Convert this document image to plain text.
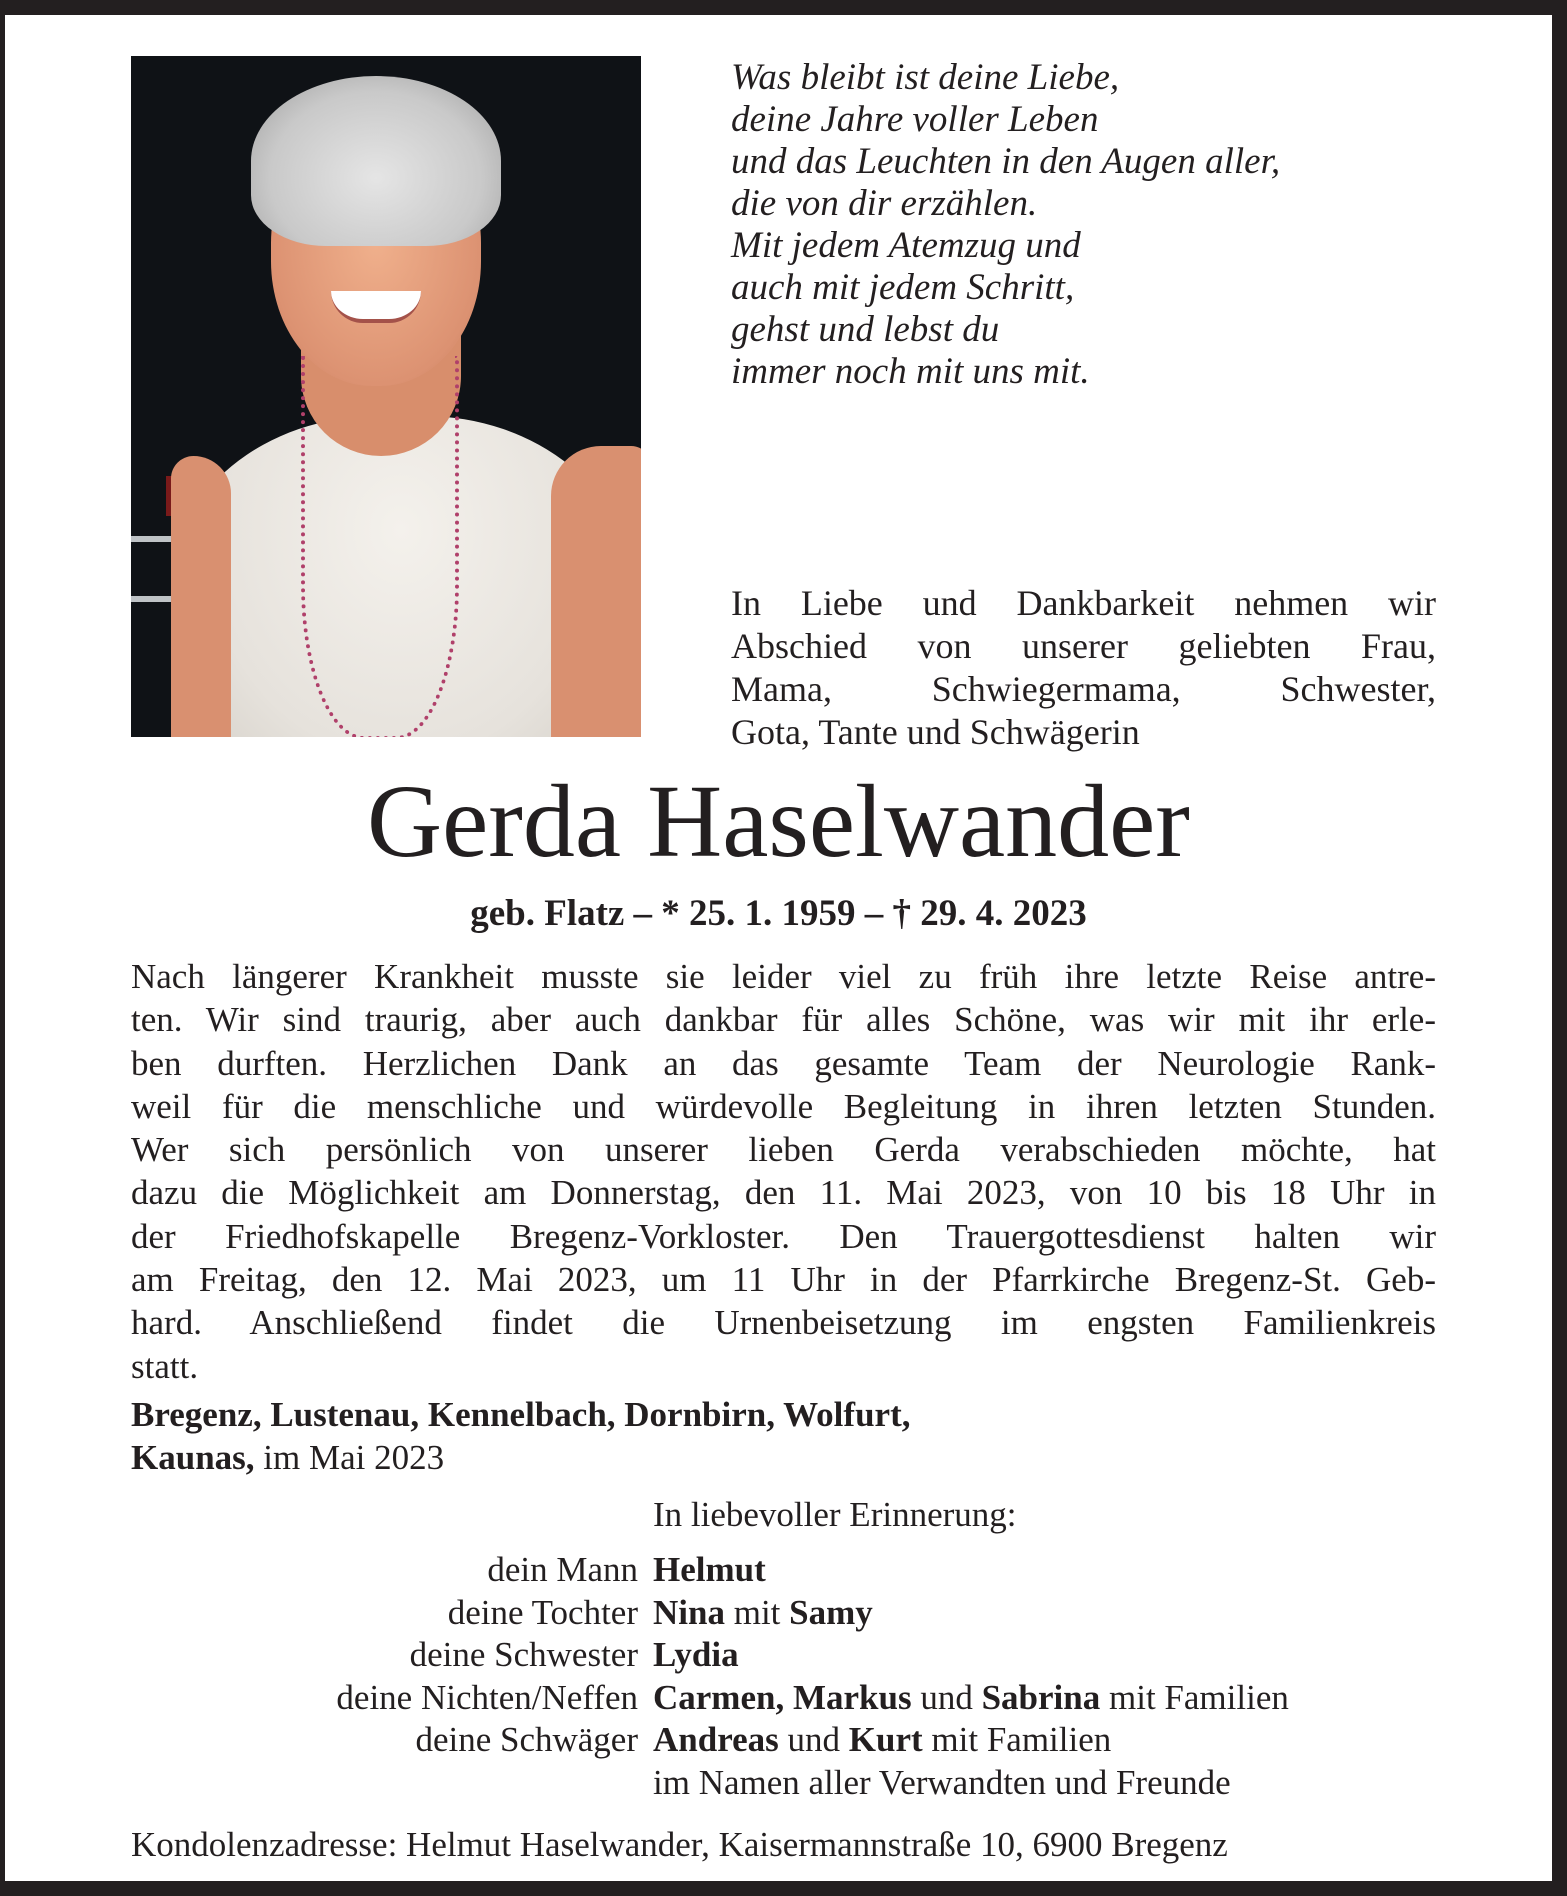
Was bleibt ist deine Liebe,
deine Jahre voller Leben
und das Leuchten in den Augen aller,
die von dir erzählen.
Mit jedem Atemzug und
auch mit jedem Schritt,
gehst und lebst du
immer noch mit uns mit.
In Liebe und Dankbarkeit nehmen wir
Abschied von unserer geliebten Frau,
Mama, Schwiegermama, Schwester,
Gota, Tante und Schwägerin
Gerda Haselwander
geb. Flatz – * 25. 1. 1959 – † 29. 4. 2023
Nach längerer Krankheit musste sie leider viel zu früh ihre letzte Reise antre-
ten. Wir sind traurig, aber auch dankbar für alles Schöne, was wir mit ihr erle-
ben durften. Herzlichen Dank an das gesamte Team der Neurologie Rank-
weil für die menschliche und würdevolle Begleitung in ihren letzten Stunden.
Wer sich persönlich von unserer lieben Gerda verabschieden möchte, hat
dazu die Möglichkeit am Donnerstag, den 11. Mai 2023, von 10 bis 18 Uhr in
der Friedhofskapelle Bregenz-Vorkloster. Den Trauergottesdienst halten wir
am Freitag, den 12. Mai 2023, um 11 Uhr in der Pfarrkirche Bregenz-St. Geb-
hard. Anschließend findet die Urnenbeisetzung im engsten Familienkreis
statt.
Bregenz, Lustenau, Kennelbach, Dornbirn, Wolfurt,
Kaunas, im Mai 2023
In liebevoller Erinnerung:
dein Mann Helmut
deine Tochter Nina mit Samy
deine Schwester Lydia
deine Nichten/Neffen Carmen, Markus und Sabrina mit Familien
deine Schwäger Andreas und Kurt mit Familien
im Namen aller Verwandten und Freunde
Kondolenzadresse: Helmut Haselwander, Kaisermannstraße 10, 6900 Bregenz
